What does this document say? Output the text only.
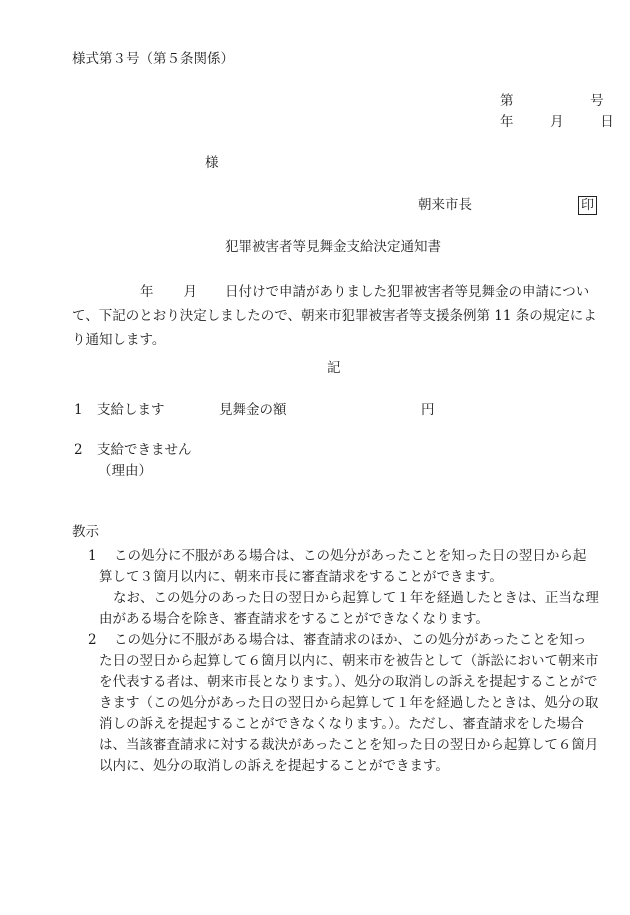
様式第３号（第５条関係）
第	号
年	月	日
様
朝来市長	印
犯罪被害者等見舞金支給決定通知書
年 月 日付けで申請がありました犯罪被害者等見舞金の申請につい
て、下記のとおり決定しましたので、朝来市犯罪被害者等支援条例第 11 条の規定によ
り通知します。
記
1 支給します	見舞金の額	円
2 支給できません
（理由）
教示
1	この処分に不服がある場合は、この処分があったことを知った日の翌日から起算して３箇月以内に、朝来市長に審査請求をすることができます。
なお、この処分のあった日の翌日から起算して１年を経過したときは、正当な理由がある場合を除き、審査請求をすることができなくなります。
2	この処分に不服がある場合は、審査請求のほか、この処分があったことを知った日の翌日から起算して６箇月以内に、朝来市を被告として（訴訟において朝来市を代表する者は、朝来市長となります。）、処分の取消しの訴えを提起することができます（この処分があった日の翌日から起算して１年を経過したときは、処分の取消しの訴えを提起することができなくなります。）。ただし、審査請求をした場合は、当該審査請求に対する裁決があったことを知った日の翌日から起算して６箇月以内に、処分の取消しの訴えを提起することができます。
